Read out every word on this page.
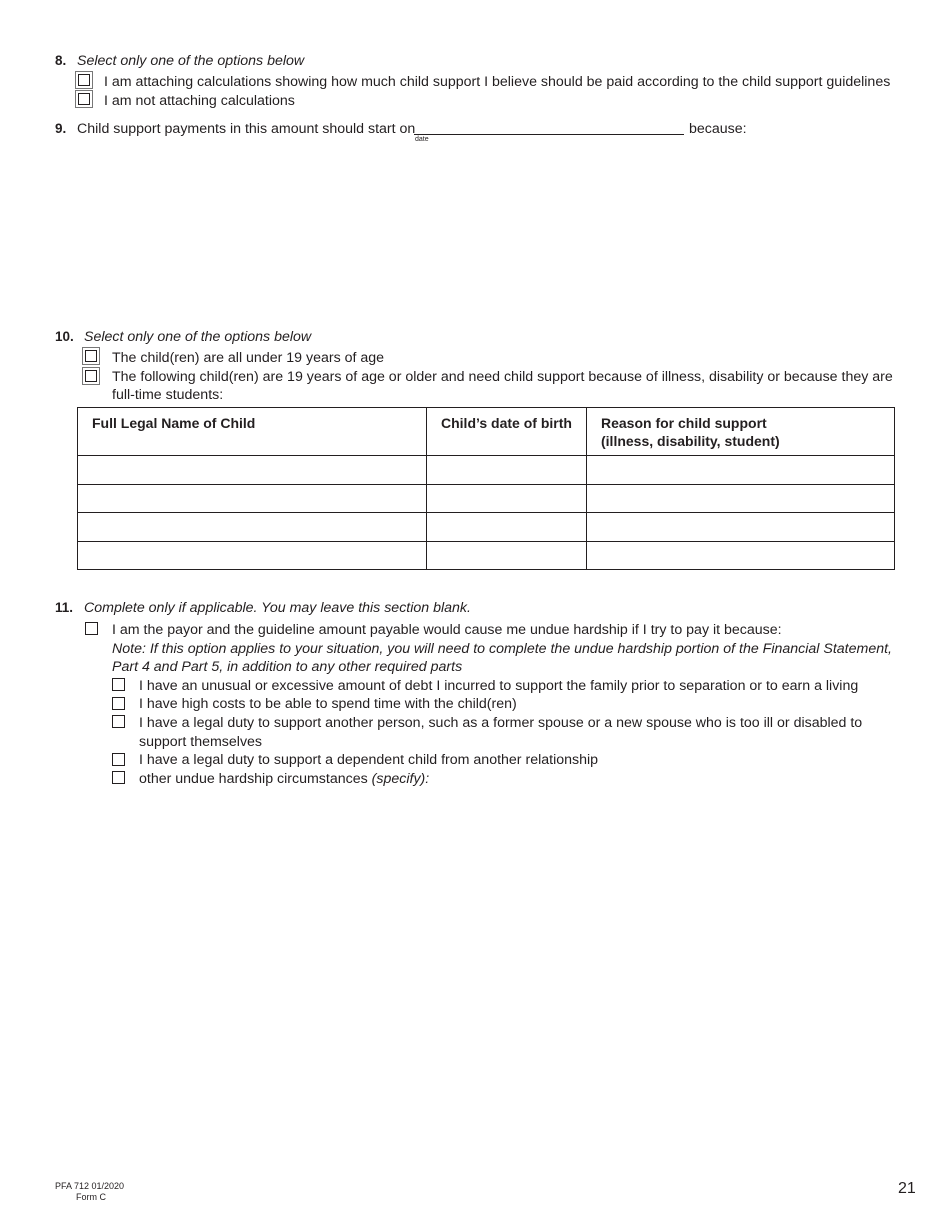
8. Select only one of the options below
I am attaching calculations showing how much child support I believe should be paid according to the child support guidelines
I am not attaching calculations
9. Child support payments in this amount should start on
date
because:
10. Select only one of the options below
The child(ren) are all under 19 years of age
The following child(ren) are 19 years of age or older and need child support because of illness, disability or because they are
full-time students:
Full Legal Name of Child	Child’s date of birth	Reason for child support
(illness, disability, student)

11. Complete only if applicable. You may leave this section blank.
I am the payor and the guideline amount payable would cause me undue hardship if I try to pay it because:
Note: If this option applies to your situation, you will need to complete the undue hardship portion of the Financial Statement,
Part 4 and Part 5, in addition to any other required parts
I have an unusual or excessive amount of debt I incurred to support the family prior to separation or to earn a living
I have high costs to be able to spend time with the child(ren)
I have a legal duty to support another person, such as a former spouse or a new spouse who is too ill or disabled to
support themselves
I have a legal duty to support a dependent child from another relationship
other undue hardship circumstances (specify):
PFA 712 01/2020
Form C	21
